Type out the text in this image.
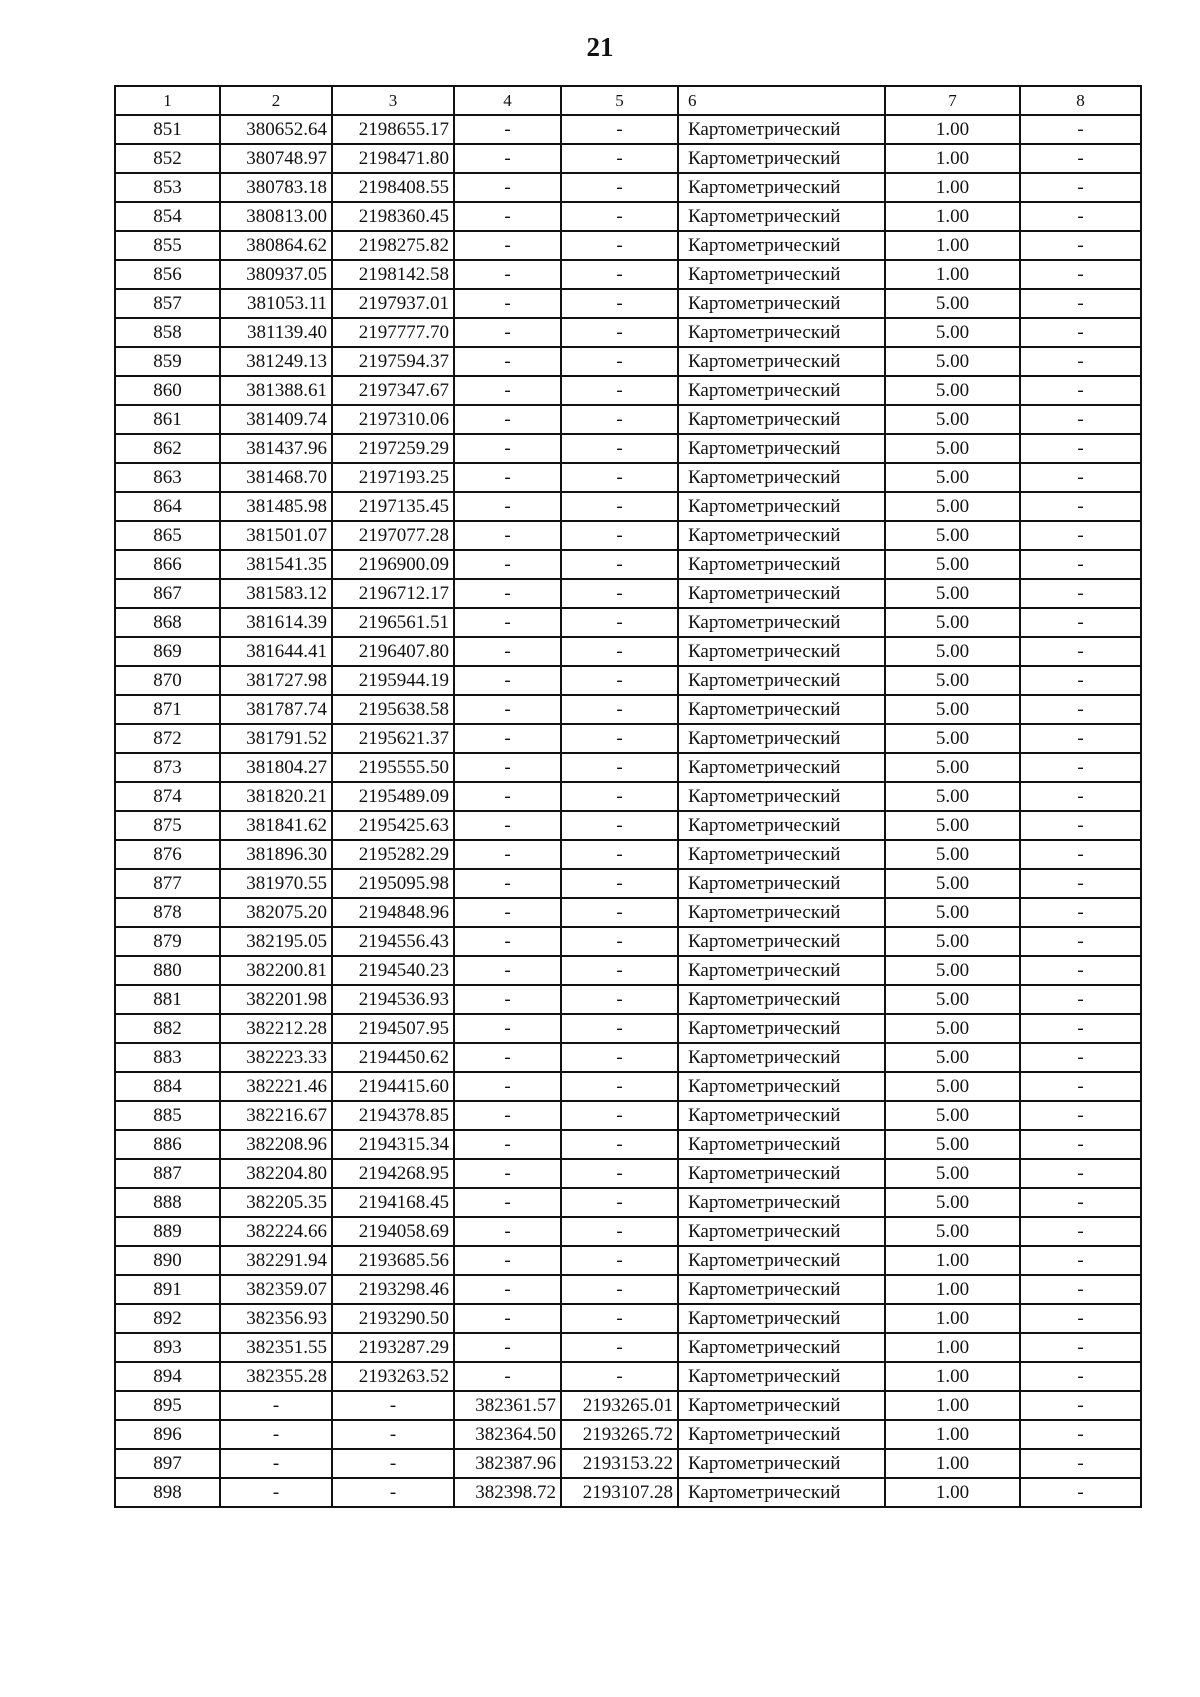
21
1	2	3	4	5	6	7	8
851	380652.64	2198655.17	-	-	Картометрический	1.00	-
852	380748.97	2198471.80	-	-	Картометрический	1.00	-
853	380783.18	2198408.55	-	-	Картометрический	1.00	-
854	380813.00	2198360.45	-	-	Картометрический	1.00	-
855	380864.62	2198275.82	-	-	Картометрический	1.00	-
856	380937.05	2198142.58	-	-	Картометрический	1.00	-
857	381053.11	2197937.01	-	-	Картометрический	5.00	-
858	381139.40	2197777.70	-	-	Картометрический	5.00	-
859	381249.13	2197594.37	-	-	Картометрический	5.00	-
860	381388.61	2197347.67	-	-	Картометрический	5.00	-
861	381409.74	2197310.06	-	-	Картометрический	5.00	-
862	381437.96	2197259.29	-	-	Картометрический	5.00	-
863	381468.70	2197193.25	-	-	Картометрический	5.00	-
864	381485.98	2197135.45	-	-	Картометрический	5.00	-
865	381501.07	2197077.28	-	-	Картометрический	5.00	-
866	381541.35	2196900.09	-	-	Картометрический	5.00	-
867	381583.12	2196712.17	-	-	Картометрический	5.00	-
868	381614.39	2196561.51	-	-	Картометрический	5.00	-
869	381644.41	2196407.80	-	-	Картометрический	5.00	-
870	381727.98	2195944.19	-	-	Картометрический	5.00	-
871	381787.74	2195638.58	-	-	Картометрический	5.00	-
872	381791.52	2195621.37	-	-	Картометрический	5.00	-
873	381804.27	2195555.50	-	-	Картометрический	5.00	-
874	381820.21	2195489.09	-	-	Картометрический	5.00	-
875	381841.62	2195425.63	-	-	Картометрический	5.00	-
876	381896.30	2195282.29	-	-	Картометрический	5.00	-
877	381970.55	2195095.98	-	-	Картометрический	5.00	-
878	382075.20	2194848.96	-	-	Картометрический	5.00	-
879	382195.05	2194556.43	-	-	Картометрический	5.00	-
880	382200.81	2194540.23	-	-	Картометрический	5.00	-
881	382201.98	2194536.93	-	-	Картометрический	5.00	-
882	382212.28	2194507.95	-	-	Картометрический	5.00	-
883	382223.33	2194450.62	-	-	Картометрический	5.00	-
884	382221.46	2194415.60	-	-	Картометрический	5.00	-
885	382216.67	2194378.85	-	-	Картометрический	5.00	-
886	382208.96	2194315.34	-	-	Картометрический	5.00	-
887	382204.80	2194268.95	-	-	Картометрический	5.00	-
888	382205.35	2194168.45	-	-	Картометрический	5.00	-
889	382224.66	2194058.69	-	-	Картометрический	5.00	-
890	382291.94	2193685.56	-	-	Картометрический	1.00	-
891	382359.07	2193298.46	-	-	Картометрический	1.00	-
892	382356.93	2193290.50	-	-	Картометрический	1.00	-
893	382351.55	2193287.29	-	-	Картометрический	1.00	-
894	382355.28	2193263.52	-	-	Картометрический	1.00	-
895	-	-	382361.57	2193265.01	Картометрический	1.00	-
896	-	-	382364.50	2193265.72	Картометрический	1.00	-
897	-	-	382387.96	2193153.22	Картометрический	1.00	-
898	-	-	382398.72	2193107.28	Картометрический	1.00	-
